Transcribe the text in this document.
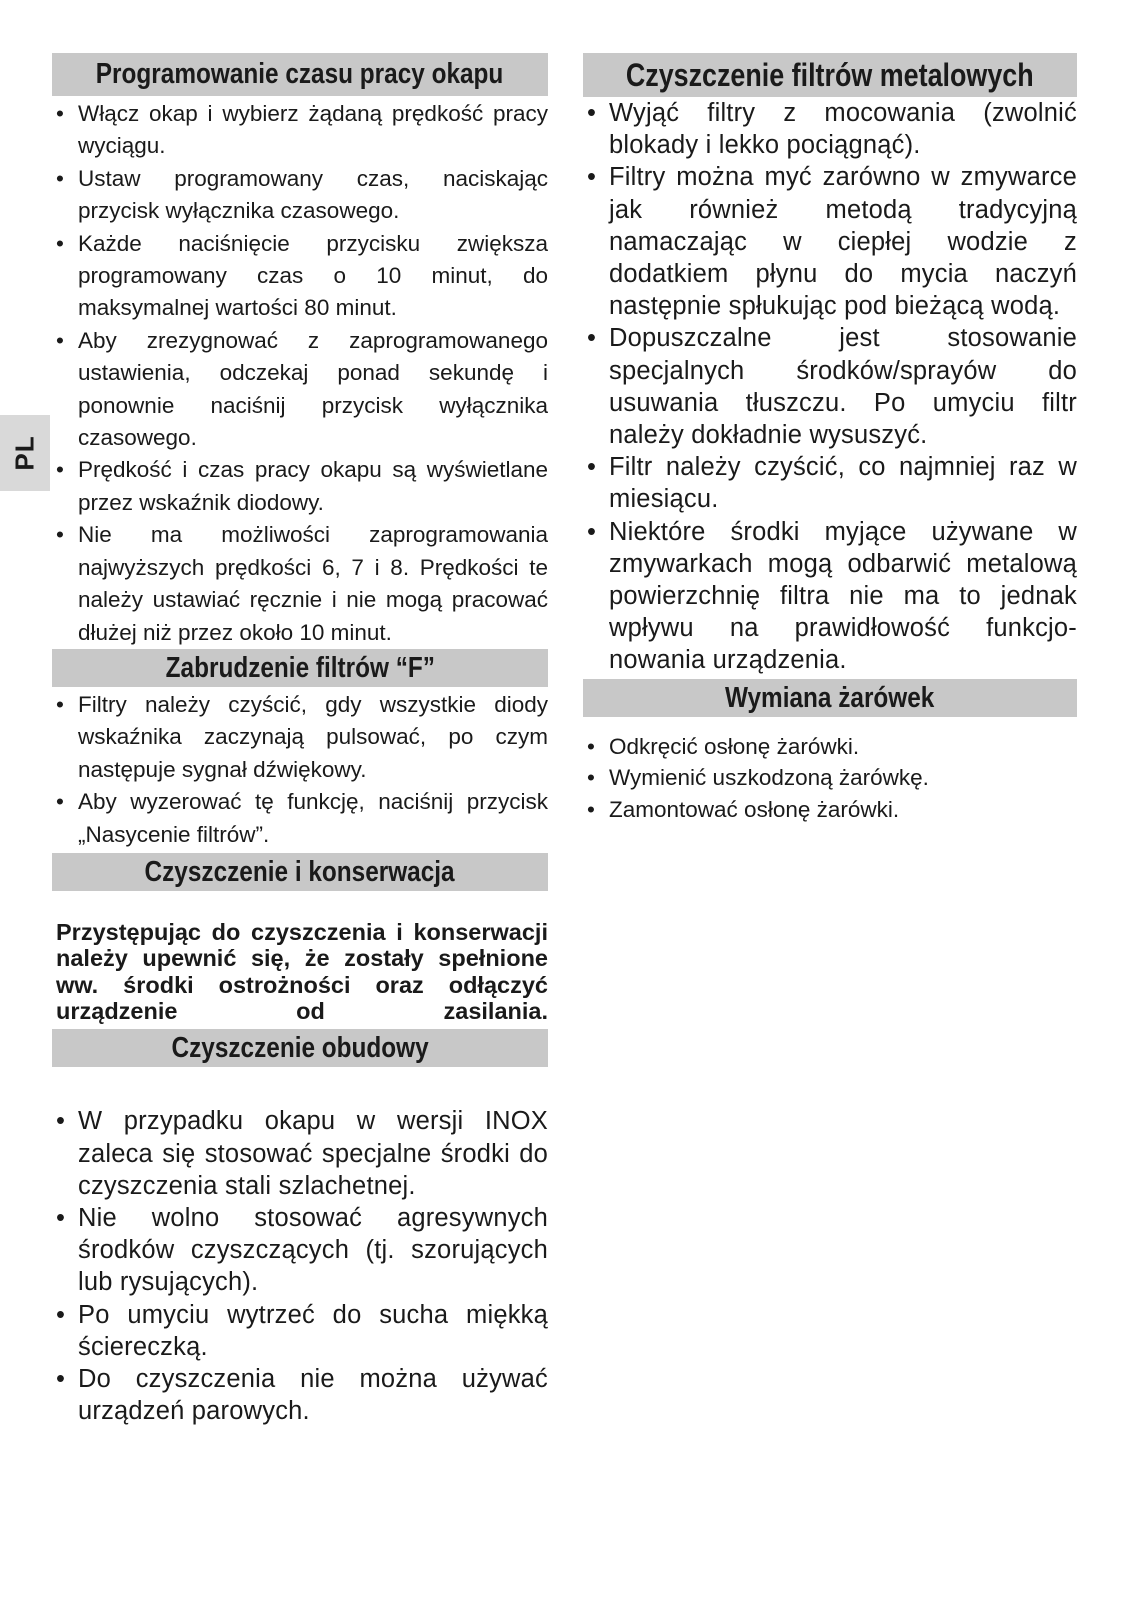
PL
Programowanie czasu pracy okapu
• Włącz okap i wybierz żądaną prędkość pracy wyciągu.
• Ustaw programowany czas, naciskając przycisk wyłącznika czasowego.
• Każde naciśnięcie przycisku zwiększa programowany czas o 10 minut, do maksymalnej wartości 80 minut.
• Aby zrezygnować z zaprogramowanego ustawienia, odczekaj ponad sekundę i ponownie naciśnij przycisk wyłącznika czasowego.
• Prędkość i czas pracy okapu są wyświetlane przez wskaźnik diodowy.
• Nie ma możliwości zaprogramowania najwyższych prędkości 6, 7 i 8. Prędkości te należy ustawiać ręcznie i nie mogą pracować dłużej niż przez około 10 minut.
Zabrudzenie filtrów “F”
• Filtry należy czyścić, gdy wszystkie diody wskaźnika zaczynają pulsować, po czym następuje sygnał dźwiękowy.
• Aby wyzerować tę funkcję, naciśnij przycisk „Nasycenie filtrów”.
Czyszczenie i konserwacja

Przystępując do czyszczenia i konserwacji należy upewnić się, że zostały spełnione ww. środki ostrożności oraz odłączyć urządzenie od zasilania.

Czyszczenie obudowy
• W przypadku okapu w wersji INOX zaleca się stosować specjalne środki do czyszczenia stali szlachetnej.
• Nie wolno stosować agresywnych środków czyszczących (tj. szorujących lub rysujących).
• Po umyciu wytrzeć do sucha miękką ściereczką.
• Do czyszczenia nie można używać urządzeń parowych.
Czyszczenie filtrów metalowych
• Wyjąć filtry z mocowania (zwolnić blokady i lekko pociągnąć).
• Filtry można myć zarówno w zmywarce jak również metodą tradycyjną namaczając w ciepłej wodzie z dodatkiem płynu do mycia naczyń następnie spłukując pod bieżącą wodą.
• Dopuszczalne jest stosowanie specjalnych środków/sprayów do usuwania tłuszczu. Po umyciu filtr należy dokładnie wysuszyć.
• Filtr należy czyścić, co najmniej raz w miesiącu.
• Niektóre środki myjące używane w zmywarkach mogą odbarwić metalową powierzchnię filtra nie ma to jednak wpływu na prawidłowość funkcjo-nowania urządzenia.
Wymiana żarówek
• Odkręcić osłonę żarówki.
• Wymienić uszkodzoną żarówkę.
• Zamontować osłonę żarówki.
